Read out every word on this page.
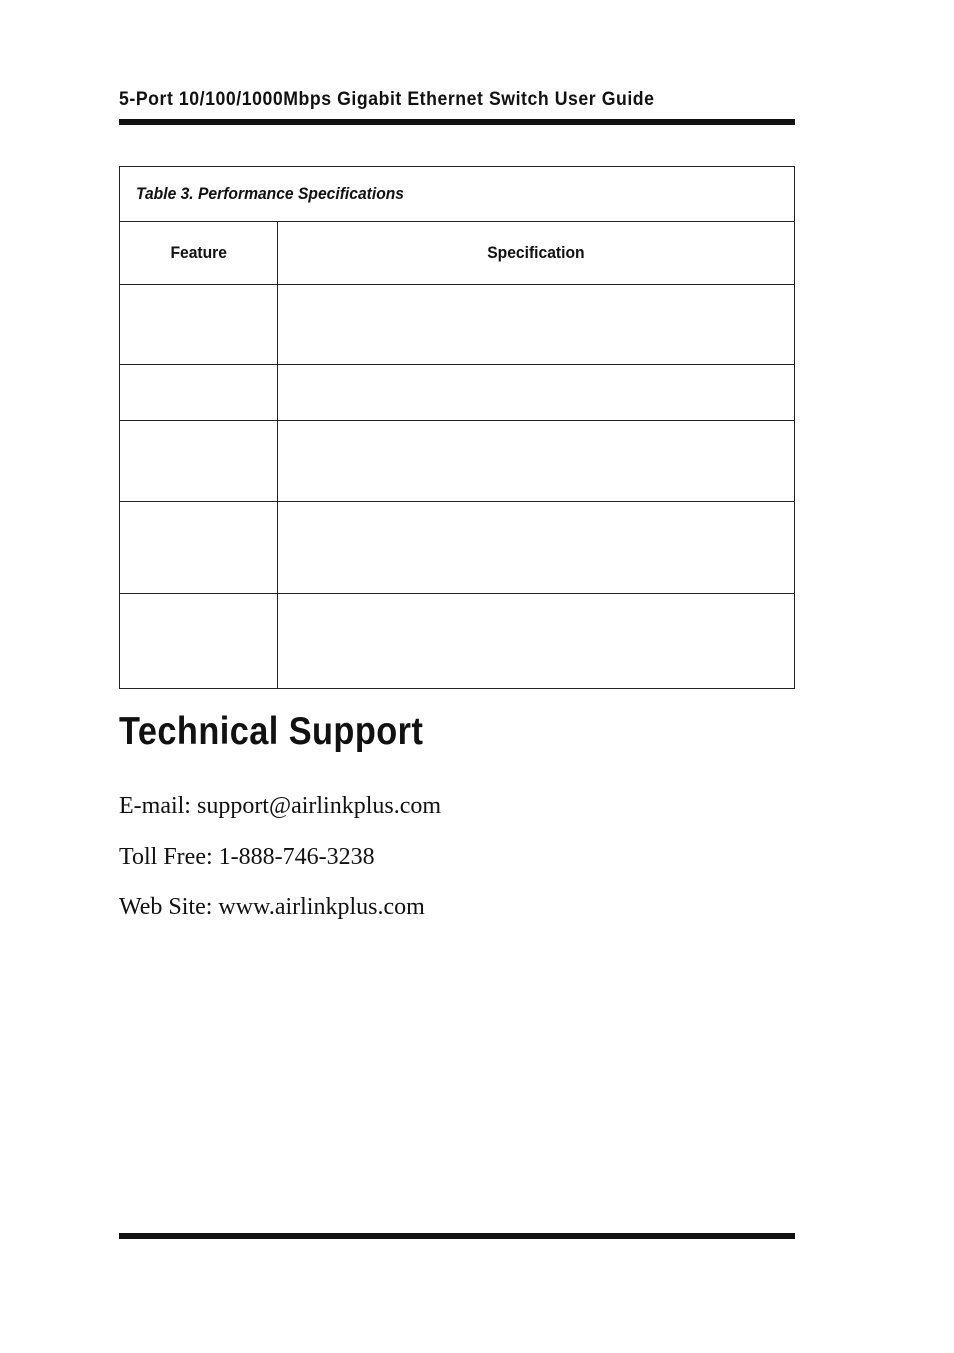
5-Port 10/100/1000Mbps Gigabit Ethernet Switch User Guide
Table 3. Performance Specifications	
Feature	Specification

Technical Support
E-mail: support@airlinkplus.com
Toll Free: 1-888-746-3238
Web Site: www.airlinkplus.com
